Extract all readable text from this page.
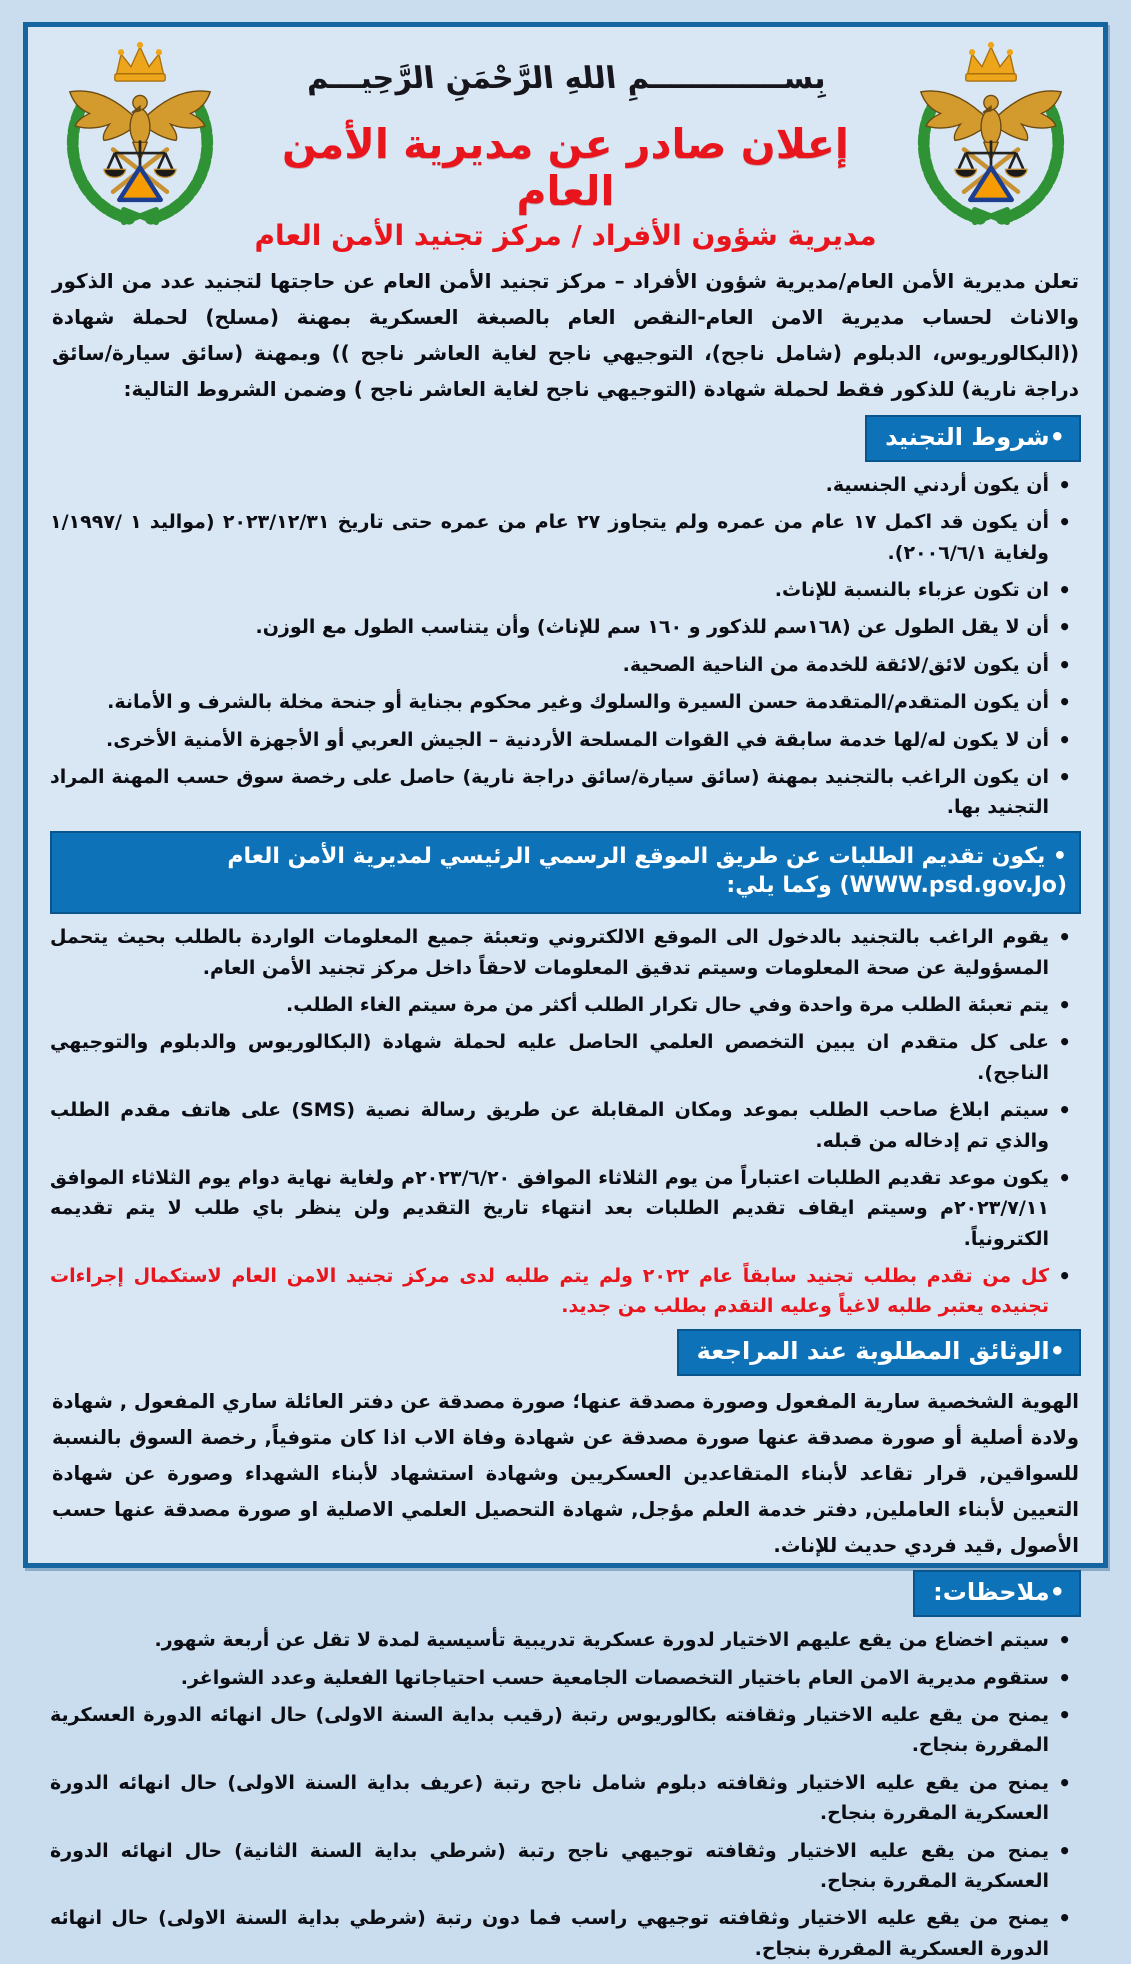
بِســـــــــــــمِ اللهِ الرَّحْمَنِ الرَّحِيـــم
إعلان صادر عن مديرية الأمن العام
مديرية شؤون الأفراد / مركز تجنيد الأمن العام

تعلن مديرية الأمن العام/مديرية شؤون الأفراد – مركز تجنيد الأمن العام عن حاجتها لتجنيد عدد من الذكور والاناث لحساب مديرية الامن العام-النقص العام بالصبغة العسكرية بمهنة (مسلح) لحملة شهادة ((البكالوريوس، الدبلوم (شامل ناجح)، التوجيهي ناجح لغاية العاشر ناجح )) وبمهنة (سائق سيارة/سائق دراجة نارية) للذكور فقط لحملة شهادة (التوجيهي ناجح لغاية العاشر ناجح ) وضمن الشروط التالية:

•شروط التجنيد
• أن يكون أردني الجنسية.
• أن يكون قد اكمل ١٧ عام من عمره ولم يتجاوز ٢٧ عام من عمره حتى تاريخ ٢٠٢٣/١٢/٣١ (مواليد ١ /١/١٩٩٧ ولغاية ٢٠٠٦/٦/١).
• ان تكون عزباء بالنسبة للإناث.
• أن لا يقل الطول عن (١٦٨سم للذكور و ١٦٠ سم للإناث) وأن يتناسب الطول مع الوزن.
• أن يكون لائق/لائقة للخدمة من الناحية الصحية.
• أن يكون المتقدم/المتقدمة حسن السيرة والسلوك وغير محكوم بجناية أو جنحة مخلة بالشرف و الأمانة.
• أن لا يكون له/لها خدمة سابقة في القوات المسلحة الأردنية – الجيش العربي أو الأجهزة الأمنية الأخرى.
• ان يكون الراغب بالتجنيد بمهنة (سائق سيارة/سائق دراجة نارية) حاصل على رخصة سوق حسب المهنة المراد التجنيد بها.
• يكون تقديم الطلبات عن طريق الموقع الرسمي الرئيسي لمديرية الأمن العام (WWW.psd.gov.Jo) وكما يلي:
• يقوم الراغب بالتجنيد بالدخول الى الموقع الالكتروني وتعبئة جميع المعلومات الواردة بالطلب بحيث يتحمل المسؤولية عن صحة المعلومات وسيتم تدقيق المعلومات لاحقاً داخل مركز تجنيد الأمن العام.
• يتم تعبئة الطلب مرة واحدة وفي حال تكرار الطلب أكثر من مرة سيتم الغاء الطلب.
• على كل متقدم ان يبين التخصص العلمي الحاصل عليه لحملة شهادة (البكالوريوس والدبلوم والتوجيهي الناجح).
• سيتم ابلاغ صاحب الطلب بموعد ومكان المقابلة عن طريق رسالة نصية (SMS) على هاتف مقدم الطلب والذي تم إدخاله من قبله.
• يكون موعد تقديم الطلبات اعتباراً من يوم الثلاثاء الموافق ٢٠٢٣/٦/٢٠م ولغاية نهاية دوام يوم الثلاثاء الموافق ٢٠٢٣/٧/١١م وسيتم ايقاف تقديم الطلبات بعد انتهاء تاريخ التقديم ولن ينظر باي طلب لا يتم تقديمه الكترونياً.
• كل من تقدم بطلب تجنيد سابقاً عام ٢٠٢٢ ولم يتم طلبه لدى مركز تجنيد الامن العام لاستكمال إجراءات تجنيده يعتبر طلبه لاغياً وعليه التقدم بطلب من جديد.
•الوثائق المطلوبة عند المراجعة

الهوية الشخصية سارية المفعول وصورة مصدقة عنها؛ صورة مصدقة عن دفتر العائلة ساري المفعول , شهادة ولادة أصلية أو صورة مصدقة عنها صورة مصدقة عن شهادة وفاة الاب اذا كان متوفياً, رخصة السوق بالنسبة للسواقين, قرار تقاعد لأبناء المتقاعدين العسكريين وشهادة استشهاد لأبناء الشهداء وصورة عن شهادة التعيين لأبناء العاملين, دفتر خدمة العلم مؤجل, شهادة التحصيل العلمي الاصلية او صورة مصدقة عنها حسب الأصول ,قيد فردي حديث للإناث.

•ملاحظات:
• سيتم اخضاع من يقع عليهم الاختيار لدورة عسكرية تدريبية تأسيسية لمدة لا تقل عن أربعة شهور.
• ستقوم مديرية الامن العام باختيار التخصصات الجامعية حسب احتياجاتها الفعلية وعدد الشواغر.
• يمنح من يقع عليه الاختيار وثقافته بكالوريوس رتبة (رقيب بداية السنة الاولى) حال انهائه الدورة العسكرية المقررة بنجاح.
• يمنح من يقع عليه الاختيار وثقافته دبلوم شامل ناجح رتبة (عريف بداية السنة الاولى) حال انهائه الدورة العسكرية المقررة بنجاح.
• يمنح من يقع عليه الاختيار وثقافته توجيهي ناجح رتبة (شرطي بداية السنة الثانية) حال انهائه الدورة العسكرية المقررة بنجاح.
• يمنح من يقع عليه الاختيار وثقافته توجيهي راسب فما دون رتبة (شرطي بداية السنة الاولى) حال انهائه الدورة العسكرية المقررة بنجاح.
